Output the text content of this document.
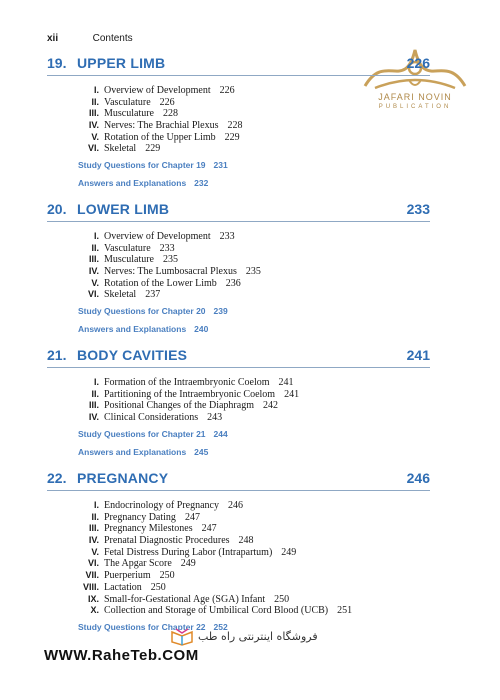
xii	Contents
JAFARI NOVIN
PUBLICATION
19. UPPER LIMB	226
I. Overview of Development 226
II. Vasculature 226
III. Musculature 228
IV. Nerves: The Brachial Plexus 228
V. Rotation of the Upper Limb 229
VI. Skeletal 229
Study Questions for Chapter 19 231
Answers and Explanations 232
20. LOWER LIMB	233
I. Overview of Development 233
II. Vasculature 233
III. Musculature 235
IV. Nerves: The Lumbosacral Plexus 235
V. Rotation of the Lower Limb 236
VI. Skeletal 237
Study Questions for Chapter 20 239
Answers and Explanations 240
21. BODY CAVITIES	241
I. Formation of the Intraembryonic Coelom 241
II. Partitioning of the Intraembryonic Coelom 241
III. Positional Changes of the Diaphragm 242
IV. Clinical Considerations 243
Study Questions for Chapter 21 244
Answers and Explanations 245
22. PREGNANCY	246
I. Endocrinology of Pregnancy 246
II. Pregnancy Dating 247
III. Pregnancy Milestones 247
IV. Prenatal Diagnostic Procedures 248
V. Fetal Distress During Labor (Intrapartum) 249
VI. The Apgar Score 249
VII. Puerperium 250
VIII. Lactation 250
IX. Small-for-Gestational Age (SGA) Infant 250
X. Collection and Storage of Umbilical Cord Blood (UCB) 251
Study Questions for Chapter 22 252
فروشگاه اینترنتی راه طب
WWW.RaheTeb.COM
